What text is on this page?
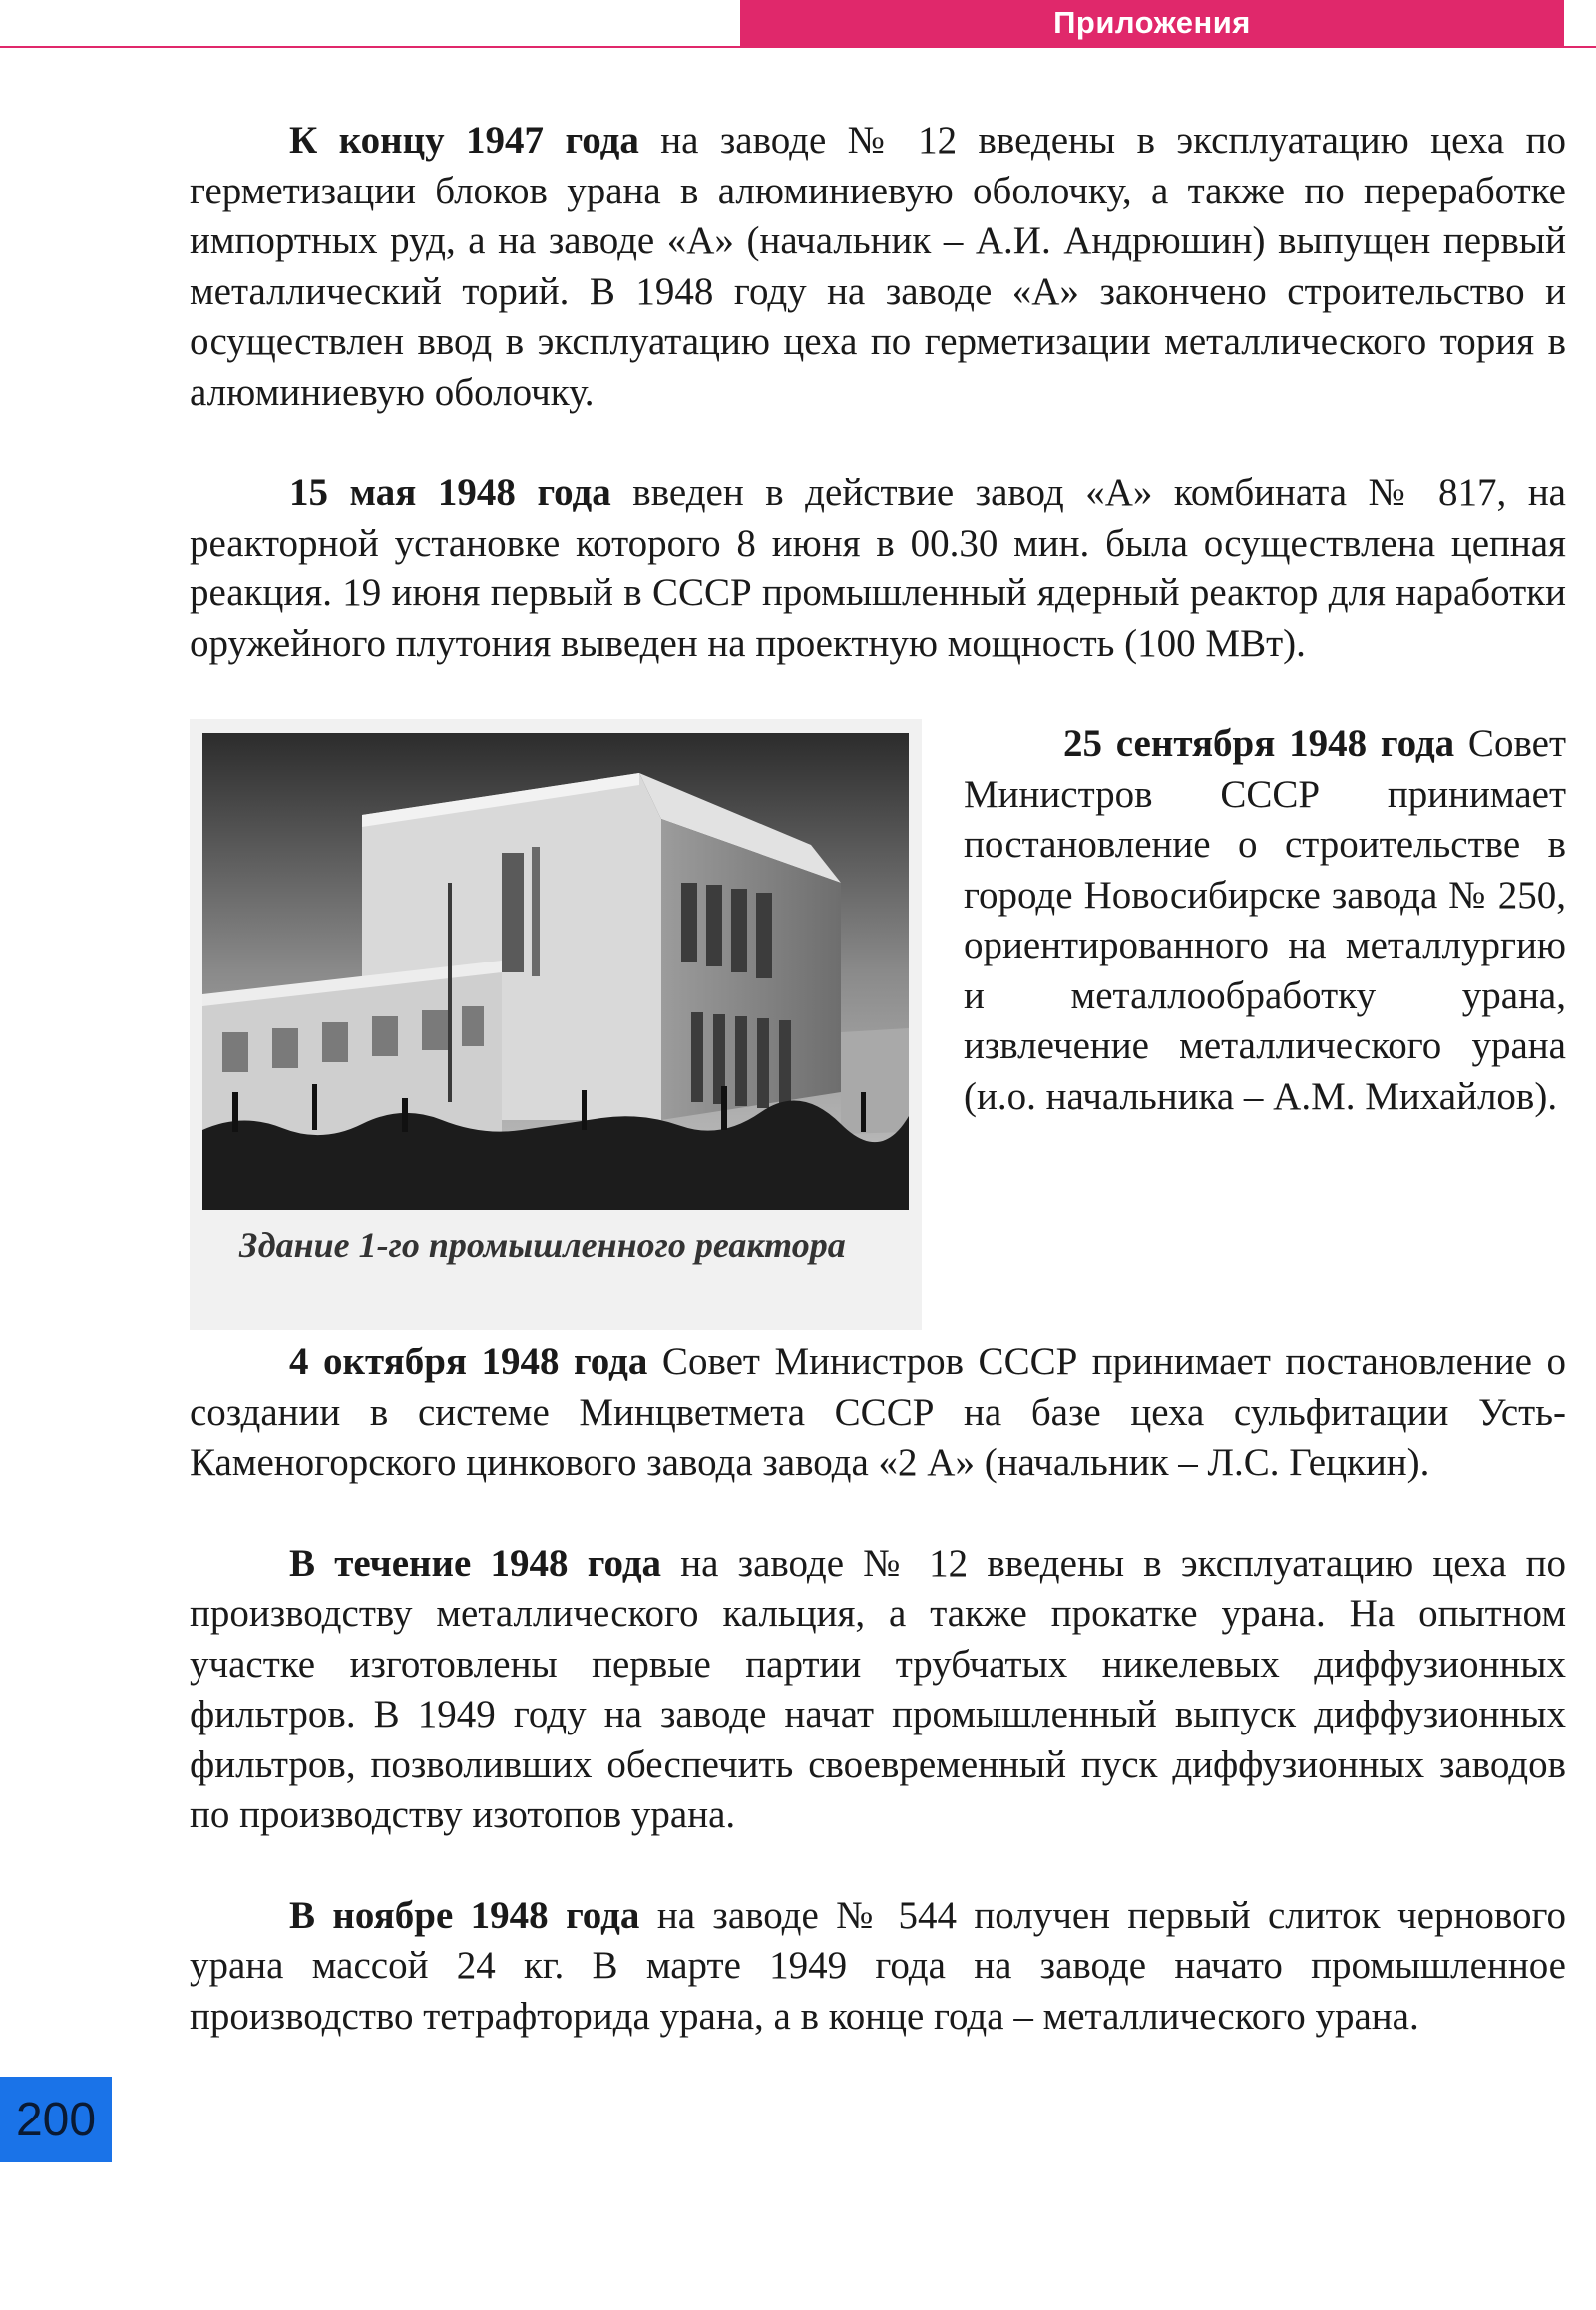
Приложения

К концу 1947 года на заводе № 12 введены в эксплуатацию цеха по герметизации блоков урана в алюминиевую оболочку, а также по переработке импортных руд, а на заводе «А» (начальник – А.И. Андрюшин) выпущен первый металлический торий. В 1948 году на заводе «А» закончено строительство и осуществлен ввод в эксплуатацию цеха по герметизации металлического тория в алюминиевую оболочку.

15 мая 1948 года введен в действие завод «А» комбината № 817, на реакторной установке которого 8 июня в 00.30 мин. была осуществлена цепная реакция. 19 июня первый в СССР промышленный ядерный реактор для наработки оружейного плутония выведен на проектную мощность (100 МВт).

Здание 1-го промышленного реактора

25 сентября 1948 года Совет Министров СССР принимает постановление о строительстве в городе Новосибирске завода № 250, ориентированного на металлургию и металлообработку урана, извлечение металлического урана (и.о. начальника – А.М. Михайлов).

4 октября 1948 года Совет Министров СССР принимает постановление о создании в системе Минцветмета СССР на базе цеха сульфитации Усть-Каменогорского цинкового завода завода «2 А» (начальник – Л.С. Гецкин).

В течение 1948 года на заводе № 12 введены в эксплуатацию цеха по производству металлического кальция, а также прокатке урана. На опытном участке изготовлены первые партии трубчатых никелевых диффузионных фильтров. В 1949 году на заводе начат промышленный выпуск диффузионных фильтров, позволивших обеспечить своевременный пуск диффузионных заводов по производству изотопов урана.

В ноябре 1948 года на заводе № 544 получен первый слиток чернового урана массой 24 кг. В марте 1949 года на заводе начато промышленное производство тетрафторида урана, а в конце года – металлического урана.

200
